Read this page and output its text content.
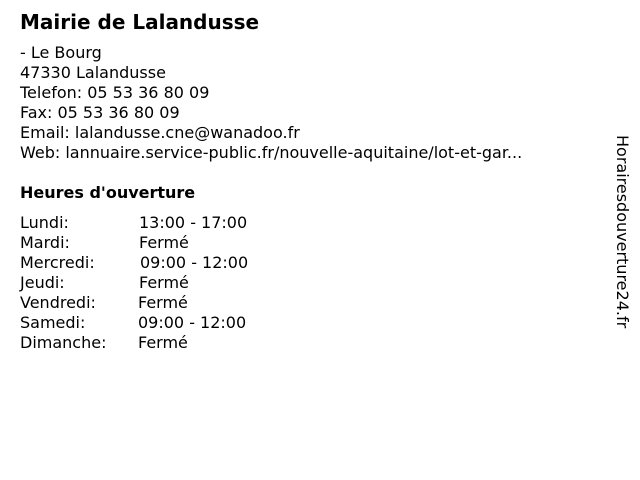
Mairie de Lalandusse
- Le Bourg
47330 Lalandusse
Telefon: 05 53 36 80 09
Fax: 05 53 36 80 09
Email: lalandusse.cne@wanadoo.fr
Web: lannuaire.service-public.fr/nouvelle-aquitaine/lot-et-gar...
Heures d'ouverture
Lundi:	13:00 - 17:00
Mardi:	Fermé
Mercredi:	09:00 - 12:00
Jeudi:	Fermé
Vendredi:	Fermé
Samedi:	09:00 - 12:00
Dimanche: Fermé
Horairesdouverture24.fr
